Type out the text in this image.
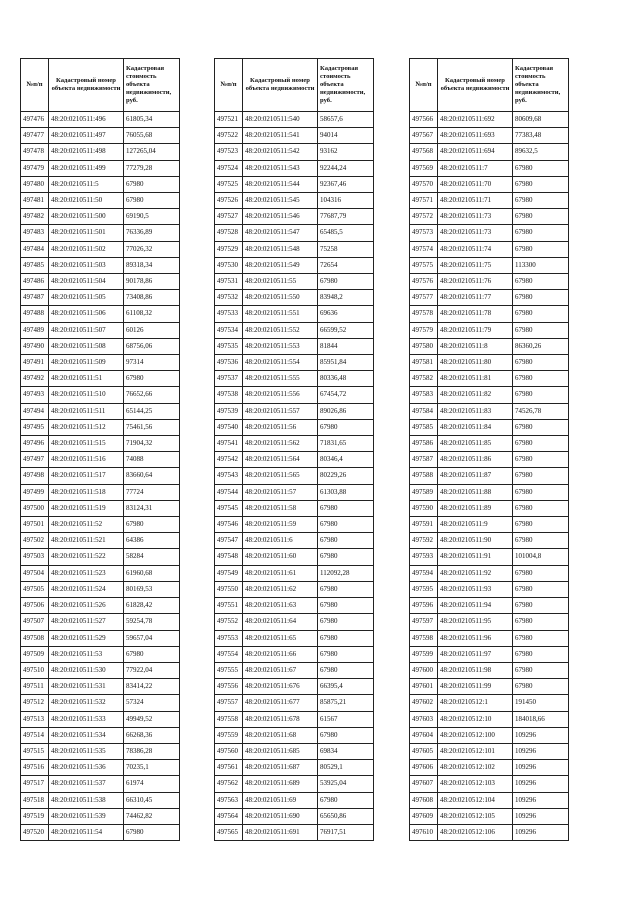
№п/п	Кадастровый номер объекта недвижимости	Кадастровая стоимость объекта недвижимости, руб.
497476	48:20:0210511:496	61805,34
497477	48:20:0210511:497	76055,68
497478	48:20:0210511:498	127265,04
497479	48:20:0210511:499	77279,28
497480	48:20:0210511:5	67980
497481	48:20:0210511:50	67980
497482	48:20:0210511:500	69190,5
497483	48:20:0210511:501	76336,89
497484	48:20:0210511:502	77026,32
497485	48:20:0210511:503	89318,34
497486	48:20:0210511:504	90178,86
497487	48:20:0210511:505	73408,86
497488	48:20:0210511:506	61108,32
497489	48:20:0210511:507	60126
497490	48:20:0210511:508	68756,06
497491	48:20:0210511:509	97314
497492	48:20:0210511:51	67980
497493	48:20:0210511:510	76652,66
497494	48:20:0210511:511	65144,25
497495	48:20:0210511:512	75461,56
497496	48:20:0210511:515	71904,32
497497	48:20:0210511:516	74088
497498	48:20:0210511:517	83660,64
497499	48:20:0210511:518	77724
497500	48:20:0210511:519	83124,31
497501	48:20:0210511:52	67980
497502	48:20:0210511:521	64386
497503	48:20:0210511:522	58284
497504	48:20:0210511:523	61960,68
497505	48:20:0210511:524	80169,53
497506	48:20:0210511:526	61828,42
497507	48:20:0210511:527	59254,78
497508	48:20:0210511:529	59657,04
497509	48:20:0210511:53	67980
497510	48:20:0210511:530	77922,04
497511	48:20:0210511:531	83414,22
497512	48:20:0210511:532	57324
497513	48:20:0210511:533	49949,52
497514	48:20:0210511:534	66268,36
497515	48:20:0210511:535	78386,28
497516	48:20:0210511:536	70235,1
497517	48:20:0210511:537	61974
497518	48:20:0210511:538	66310,45
497519	48:20:0210511:539	74462,82
497520	48:20:0210511:54	67980
№п/п	Кадастровый номер объекта недвижимости	Кадастровая стоимость объекта недвижимости, руб.
497521	48:20:0210511:540	58657,6
497522	48:20:0210511:541	94014
497523	48:20:0210511:542	93162
497524	48:20:0210511:543	92244,24
497525	48:20:0210511:544	92367,46
497526	48:20:0210511:545	104316
497527	48:20:0210511:546	77687,79
497528	48:20:0210511:547	65485,5
497529	48:20:0210511:548	75258
497530	48:20:0210511:549	72654
497531	48:20:0210511:55	67980
497532	48:20:0210511:550	83948,2
497533	48:20:0210511:551	69636
497534	48:20:0210511:552	66599,52
497535	48:20:0210511:553	81844
497536	48:20:0210511:554	85951,84
497537	48:20:0210511:555	80336,48
497538	48:20:0210511:556	67454,72
497539	48:20:0210511:557	89026,86
497540	48:20:0210511:56	67980
497541	48:20:0210511:562	71831,65
497542	48:20:0210511:564	80346,4
497543	48:20:0210511:565	80229,26
497544	48:20:0210511:57	61303,88
497545	48:20:0210511:58	67980
497546	48:20:0210511:59	67980
497547	48:20:0210511:6	67980
497548	48:20:0210511:60	67980
497549	48:20:0210511:61	112092,28
497550	48:20:0210511:62	67980
497551	48:20:0210511:63	67980
497552	48:20:0210511:64	67980
497553	48:20:0210511:65	67980
497554	48:20:0210511:66	67980
497555	48:20:0210511:67	67980
497556	48:20:0210511:676	66395,4
497557	48:20:0210511:677	85875,21
497558	48:20:0210511:678	61567
497559	48:20:0210511:68	67980
497560	48:20:0210511:685	69834
497561	48:20:0210511:687	80529,1
497562	48:20:0210511:689	53925,04
497563	48:20:0210511:69	67980
497564	48:20:0210511:690	65650,86
497565	48:20:0210511:691	76917,51
№п/п	Кадастровый номер объекта недвижимости	Кадастровая стоимость объекта недвижимости, руб.
497566	48:20:0210511:692	80609,68
497567	48:20:0210511:693	77383,48
497568	48:20:0210511:694	89632,5
497569	48:20:0210511:7	67980
497570	48:20:0210511:70	67980
497571	48:20:0210511:71	67980
497572	48:20:0210511:73	67980
497573	48:20:0210511:73	67980
497574	48:20:0210511:74	67980
497575	48:20:0210511:75	113300
497576	48:20:0210511:76	67980
497577	48:20:0210511:77	67980
497578	48:20:0210511:78	67980
497579	48:20:0210511:79	67980
497580	48:20:0210511:8	86360,26
497581	48:20:0210511:80	67980
497582	48:20:0210511:81	67980
497583	48:20:0210511:82	67980
497584	48:20:0210511:83	74526,78
497585	48:20:0210511:84	67980
497586	48:20:0210511:85	67980
497587	48:20:0210511:86	67980
497588	48:20:0210511:87	67980
497589	48:20:0210511:88	67980
497590	48:20:0210511:89	67980
497591	48:20:0210511:9	67980
497592	48:20:0210511:90	67980
497593	48:20:0210511:91	101004,8
497594	48:20:0210511:92	67980
497595	48:20:0210511:93	67980
497596	48:20:0210511:94	67980
497597	48:20:0210511:95	67980
497598	48:20:0210511:96	67980
497599	48:20:0210511:97	67980
497600	48:20:0210511:98	67980
497601	48:20:0210511:99	67980
497602	48:20:0210512:1	191450
497603	48:20:0210512:10	184018,66
497604	48:20:0210512:100	109296
497605	48:20:0210512:101	109296
497606	48:20:0210512:102	109296
497607	48:20:0210512:103	109296
497608	48:20:0210512:104	109296
497609	48:20:0210512:105	109296
497610	48:20:0210512:106	109296
